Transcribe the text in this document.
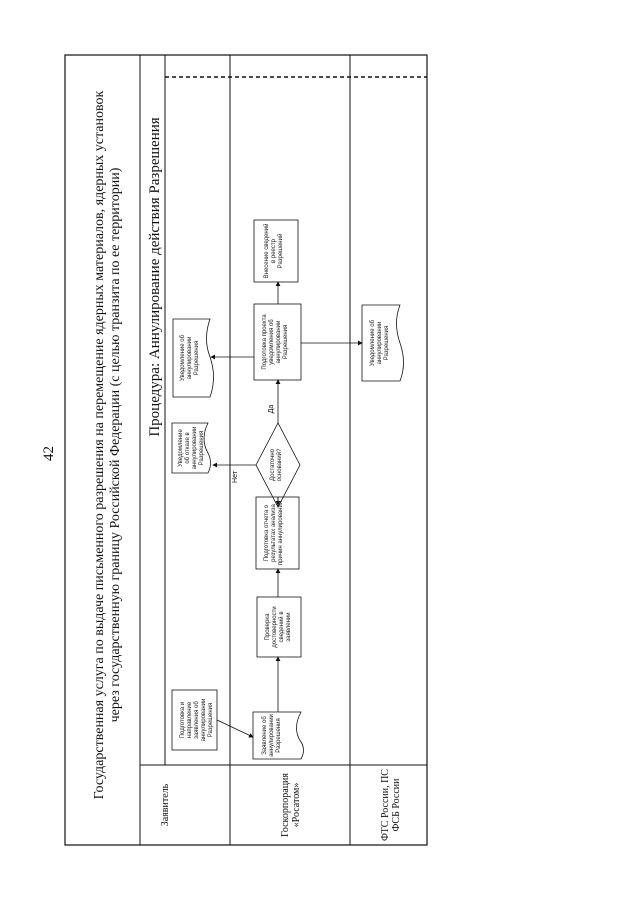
42	Государственная услуга по выдаче письменного разрешения на перемещение ядерных материалов, ядерных установок через государственную границу Российской Федерации (с целью транзита по ее территории) Процедура: Аннулирование действия Разрешения
Заявитель	Госкорпорация «Росатом»	ФТС России, ПС ФСБ России
Подготовка и направление заявления об аннулировании Разрешения	Заявление об аннулировании Разрешения
Проверка достоверности сведений в заявлении
Подготовка отчета о результатах анализа причин аннулирования
Достаточно оснований?
Уведомление об отказе в аннулировании Разрешения
Подготовка проекта уведомления об аннулировании Разрешения
Уведомление об аннулировании Разрешения
Внесение сведений в реестр Разрешений
Уведомление об аннулировании Разрешения
Нет
Да
